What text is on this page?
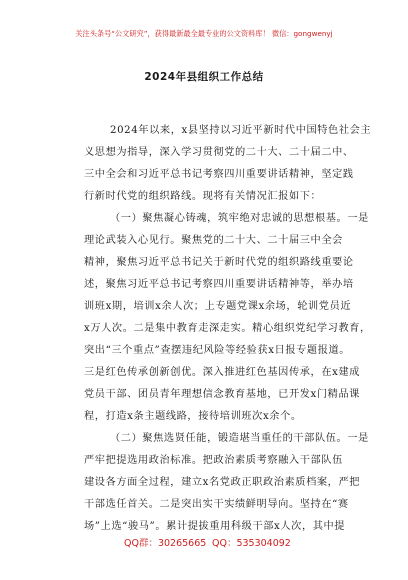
关注头条号“公文研究”，获得最新最全最专业的公文资料库！ 微信：gongwenyj
2024年县组织工作总结
2024年以来，x县坚持以习近平新时代中国特色社会主
义思想为指导，深入学习贯彻党的二十大、二十届二中、
三中全会和习近平总书记考察四川重要讲话精神，坚定践
行新时代党的组织路线。现将有关情况汇报如下：
（一）聚焦凝心铸魂，筑牢绝对忠诚的思想根基。一是
理论武装入心见行。聚焦党的二十大、二十届三中全会
精神，聚焦习近平总书记关于新时代党的组织路线重要论
述，聚焦习近平总书记考察四川重要讲话精神等，举办培
训班x期，培训x余人次；上专题党课x余场，轮训党员近
x万人次。二是集中教育走深走实。精心组织党纪学习教育，
突出“三个重点”查摆违纪风险等经验获x日报专题报道。
三是红色传承创新创优。深入推进红色基因传承，在x建成
党员干部、团员青年理想信念教育基地，已开发x门精品课
程，打造x条主题线路，接待培训班次x余个。
（二）聚焦选贤任能，锻造堪当重任的干部队伍。一是
严牢把提选用政治标准。把政治素质考察融入干部队伍
建设各方面全过程，建立x名党政正职政治素质档案，严把
干部选任首关。二是突出实干实绩鲜明导向。坚持在“赛
场”上选“骏马”。累计提拔重用科级干部x人次，其中提
QQ群：30265665 QQ：535304092
